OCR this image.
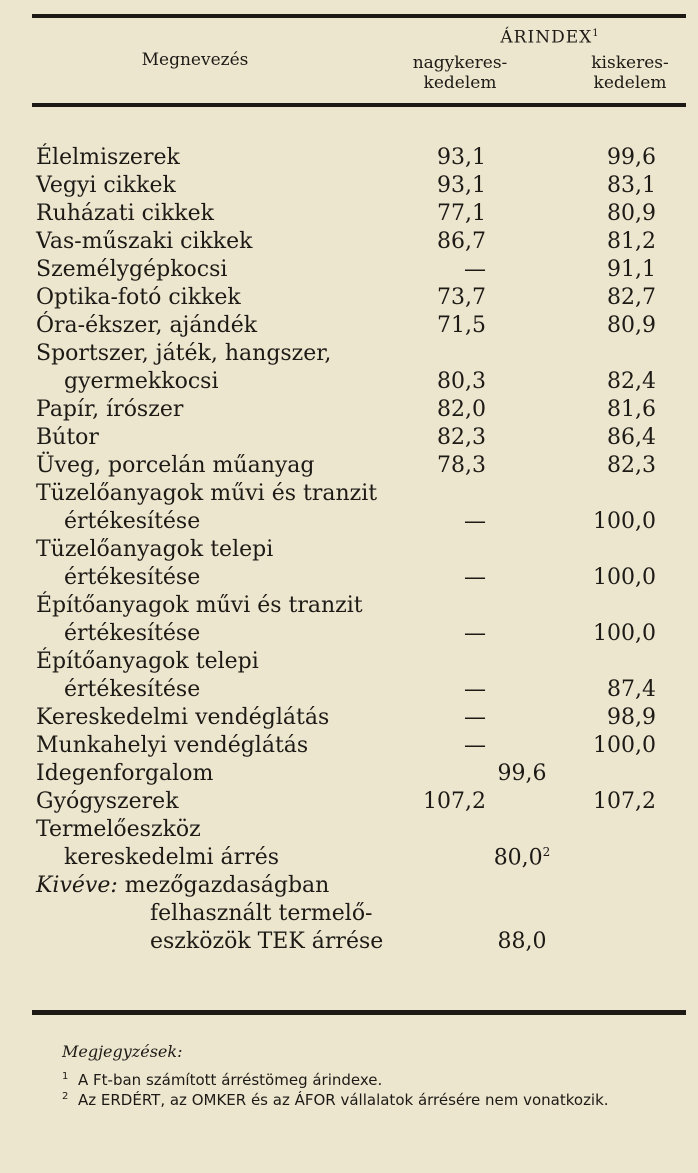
Megnevezés
ÁRINDEX$^1$
nagykeres-
kedelem
kiskeres-
kedelem
Élelmiszerek	93,1	99,6
Vegyi cikkek	93,1	83,1
Ruházati cikkek	77,1	80,9
Vas-műszaki cikkek	86,7	81,2
Személygépkocsi	—	91,1
Optika-fotó cikkek	73,7	82,7
Óra-ékszer, ajándék	71,5	80,9
Sportszer, játék, hangszer,
gyermekkocsi	80,3	82,4
Papír, írószer	82,0	81,6
Bútor	82,3	86,4
Üveg, porcelán műanyag	78,3	82,3
Tüzelőanyagok művi és tranzit
értékesítése	—	100,0
Tüzelőanyagok telepi
értékesítése	—	100,0
Építőanyagok művi és tranzit
értékesítése	—	100,0
Építőanyagok telepi
értékesítése	—	87,4
Kereskedelmi vendéglátás	—	98,9
Munkahelyi vendéglátás	—	100,0
Idegenforgalom	99,6
Gyógyszerek	107,2	107,2
Termelőeszköz
kereskedelmi árrés	80,0$^2$
Kivéve: mezőgazdaságban
felhasznált termelő-
eszközök TEK árrése	88,0
Megjegyzések:
1 A Ft-ban számított árréstömeg árindexe.
2 Az ERDÉRT, az OMKER és az ÁFOR vállalatok árrésére nem vonatkozik.
